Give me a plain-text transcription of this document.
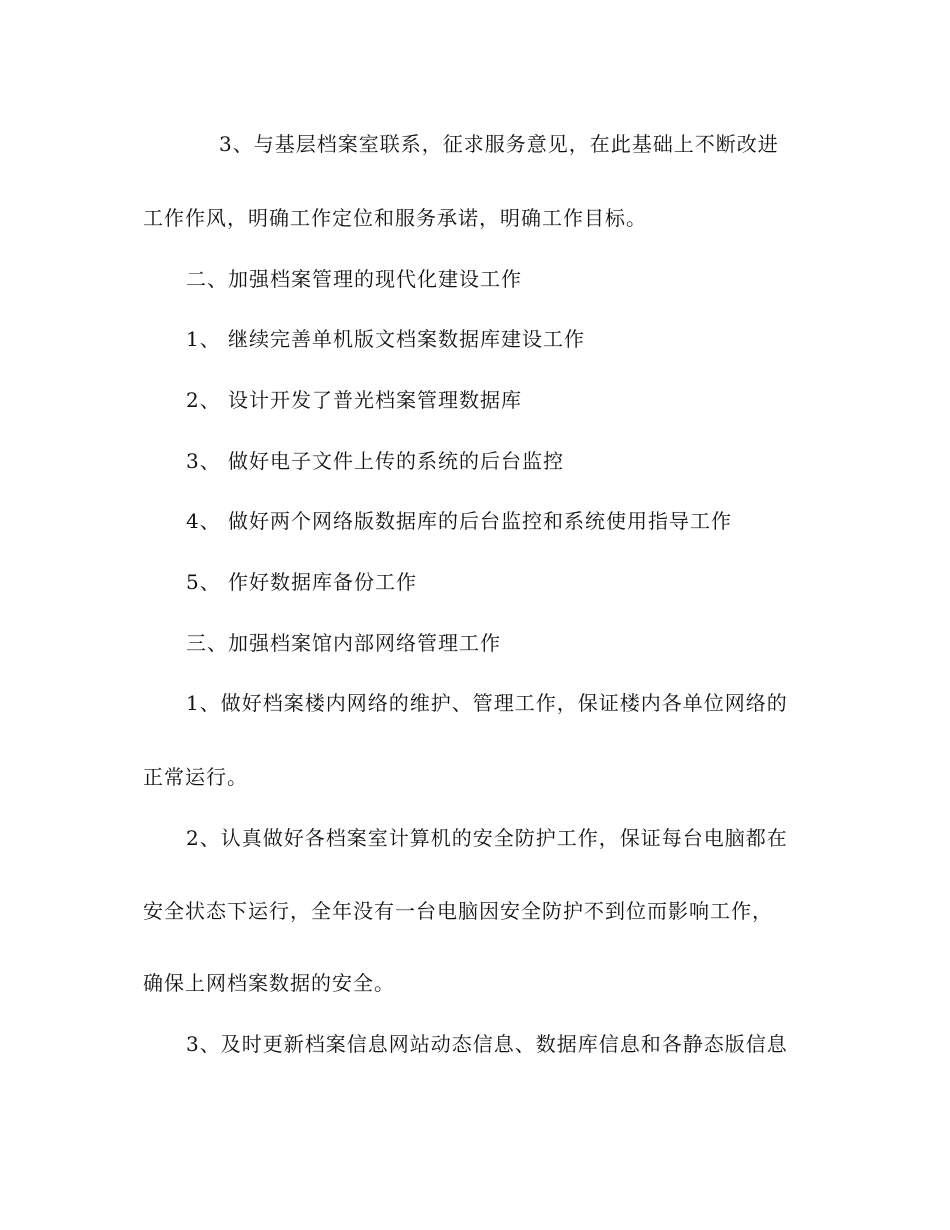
3、与基层档案室联系，征求服务意见，在此基础上不断改进
工作作风，明确工作定位和服务承诺，明确工作目标。
二、加强档案管理的现代化建设工作
1、 继续完善单机版文档案数据库建设工作
2、 设计开发了普光档案管理数据库
3、 做好电子文件上传的系统的后台监控
4、 做好两个网络版数据库的后台监控和系统使用指导工作
5、 作好数据库备份工作
三、加强档案馆内部网络管理工作
1、做好档案楼内网络的维护、管理工作，保证楼内各单位网络的
正常运行。
2、认真做好各档案室计算机的安全防护工作，保证每台电脑都在
安全状态下运行，全年没有一台电脑因安全防护不到位而影响工作，
确保上网档案数据的安全。
3、及时更新档案信息网站动态信息、数据库信息和各静态版信息
